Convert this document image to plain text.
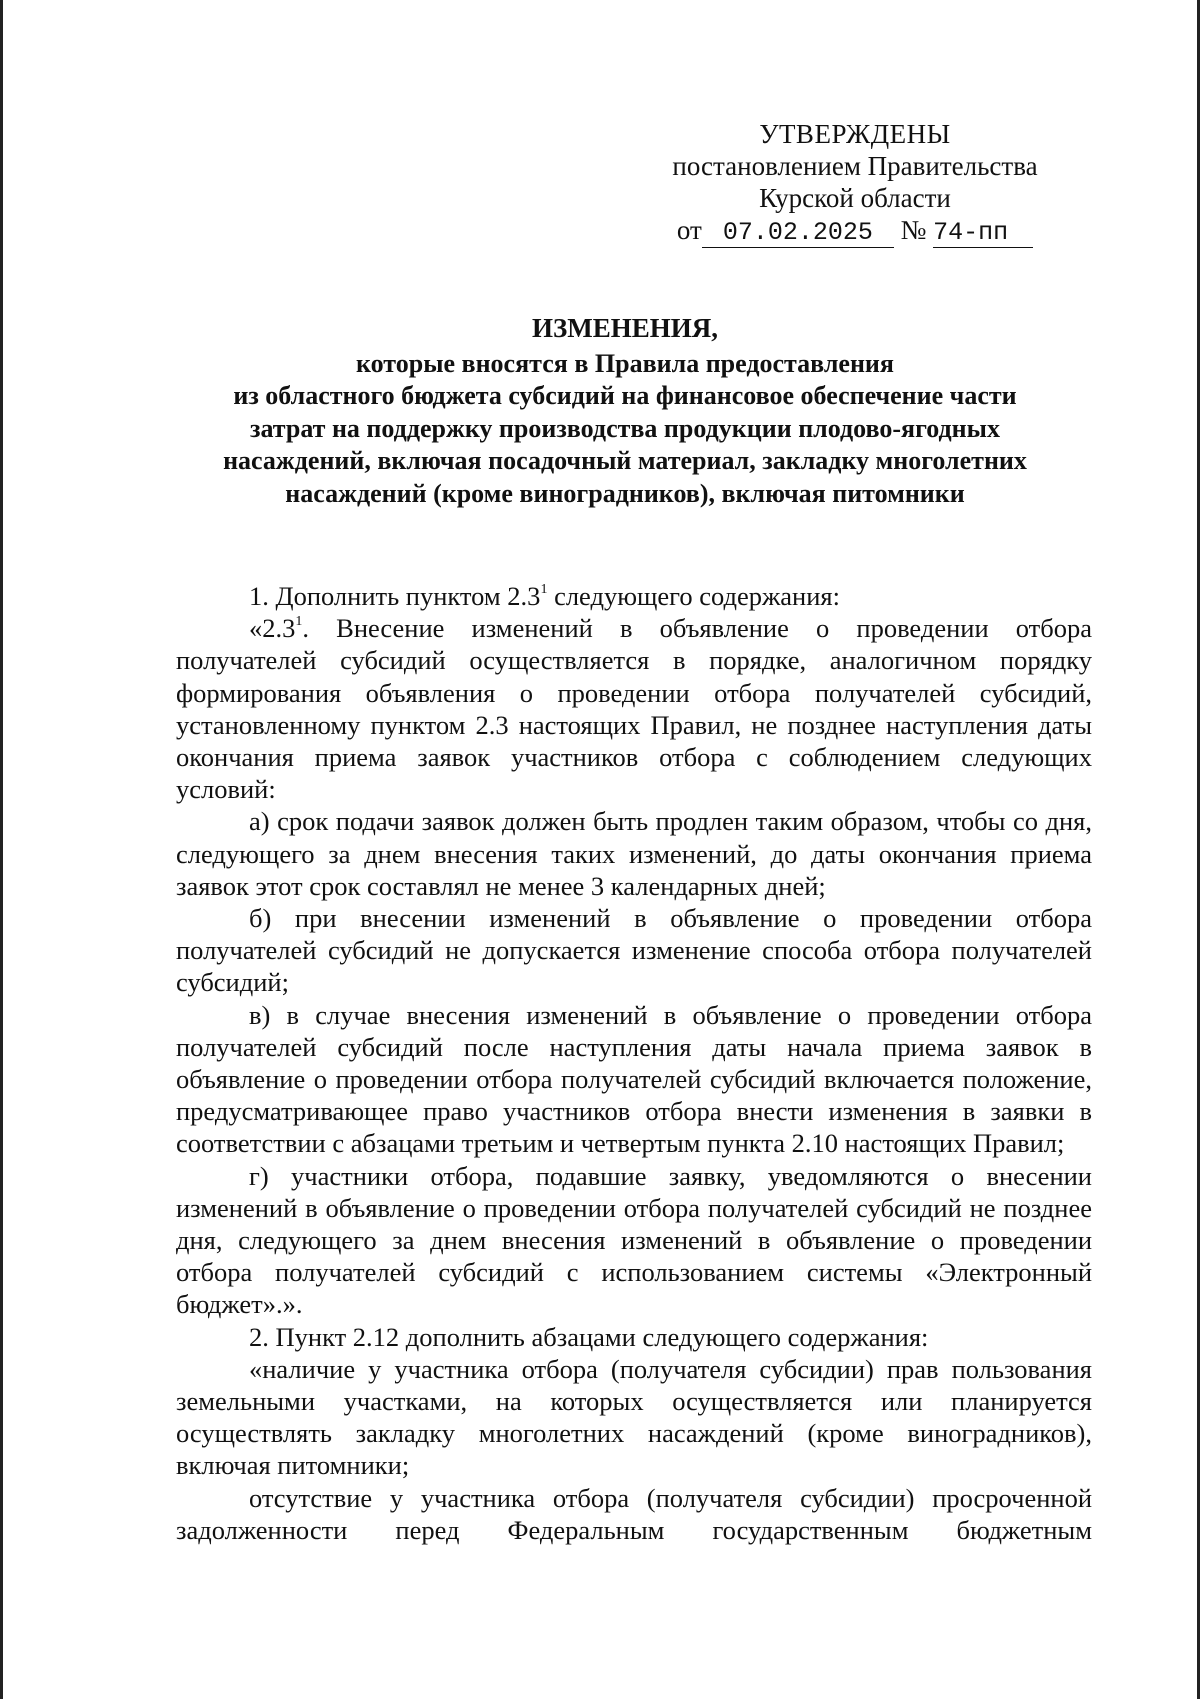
УТВЕРЖДЕНЫ
постановлением Правительства
Курской области
от 07.02.2025 № 74-пп
ИЗМЕНЕНИЯ,
которые вносятся в Правила предоставления
из областного бюджета субсидий на финансовое обеспечение части
затрат на поддержку производства продукции плодово-ягодных
насаждений, включая посадочный материал, закладку многолетних
насаждений (кроме виноградников), включая питомники

1. Дополнить пунктом $2.3^1$ следующего содержания:

«$2.3^1$. Внесение изменений в объявление о проведении отбора получателей субсидий осуществляется в порядке, аналогичном порядку формирования объявления о проведении отбора получателей субсидий, установленному пунктом 2.3 настоящих Правил, не позднее наступления даты окончания приема заявок участников отбора с соблюдением следующих условий:

а) срок подачи заявок должен быть продлен таким образом, чтобы со дня, следующего за днем внесения таких изменений, до даты окончания приема заявок этот срок составлял не менее 3 календарных дней;

б) при внесении изменений в объявление о проведении отбора получателей субсидий не допускается изменение способа отбора получателей субсидий;

в) в случае внесения изменений в объявление о проведении отбора получателей субсидий после наступления даты начала приема заявок в объявление о проведении отбора получателей субсидий включается положение, предусматривающее право участников отбора внести изменения в заявки в соответствии с абзацами третьим и четвертым пункта 2.10 настоящих Правил;

г) участники отбора, подавшие заявку, уведомляются о внесении изменений в объявление о проведении отбора получателей субсидий не позднее дня, следующего за днем внесения изменений в объявление о проведении отбора получателей субсидий с использованием системы «Электронный бюджет».».

2. Пункт 2.12 дополнить абзацами следующего содержания:

«наличие у участника отбора (получателя субсидии) прав пользования земельными участками, на которых осуществляется или планируется осуществлять закладку многолетних насаждений (кроме виноградников), включая питомники;

отсутствие у участника отбора (получателя субсидии) просроченной задолженности перед Федеральным государственным бюджетным
